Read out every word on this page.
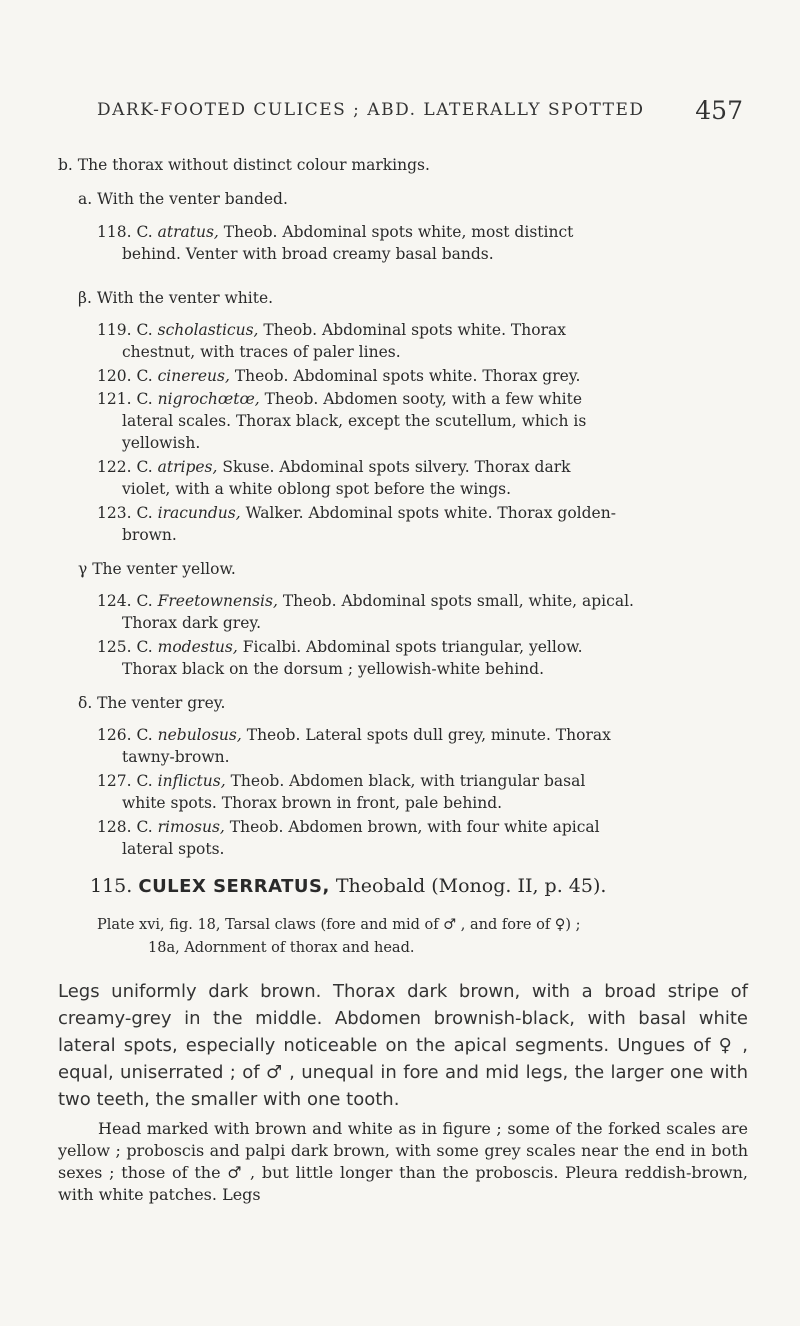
DARK-FOOTED CULICES ; ABD. LATERALLY SPOTTED 457
b. The thorax without distinct colour markings.
a. With the venter banded.
118. C. atratus, Theob. Abdominal spots white, most distinct
behind. Venter with broad creamy basal bands.
β. With the venter white.
119. C. scholasticus, Theob. Abdominal spots white. Thorax
chestnut, with traces of paler lines.
120. C. cinereus, Theob. Abdominal spots white. Thorax grey.
121. C. nigrochœtœ, Theob. Abdomen sooty, with a few white
lateral scales. Thorax black, except the scutellum, which is
yellowish.
122. C. atripes, Skuse. Abdominal spots silvery. Thorax dark
violet, with a white oblong spot before the wings.
123. C. iracundus, Walker. Abdominal spots white. Thorax golden-
brown.
γ The venter yellow.
124. C. Freetownensis, Theob. Abdominal spots small, white, apical.
Thorax dark grey.
125. C. modestus, Ficalbi. Abdominal spots triangular, yellow.
Thorax black on the dorsum ; yellowish-white behind.
δ. The venter grey.
126. C. nebulosus, Theob. Lateral spots dull grey, minute. Thorax
tawny-brown.
127. C. inflictus, Theob. Abdomen black, with triangular basal
white spots. Thorax brown in front, pale behind.
128. C. rimosus, Theob. Abdomen brown, with four white apical
lateral spots.
115. CULEX SERRATUS, Theobald (Monog. II, p. 45).
Plate xvi, fig. 18, Tarsal claws (fore and mid of ♂ , and fore of ♀) ;
18a, Adornment of thorax and head.

Legs uniformly dark brown. Thorax dark brown, with a broad stripe of creamy-grey in the middle. Abdomen brownish-black, with basal white lateral spots, especially noticeable on the apical segments. Ungues of ♀ , equal, uniserrated ; of ♂ , unequal in fore and mid legs, the larger one with two teeth, the smaller with one tooth.

Head marked with brown and white as in figure ; some of the forked scales are yellow ; proboscis and palpi dark brown, with some grey scales near the end in both sexes ; those of the ♂ , but little longer than the proboscis. Pleura reddish-brown, with white patches. Legs
